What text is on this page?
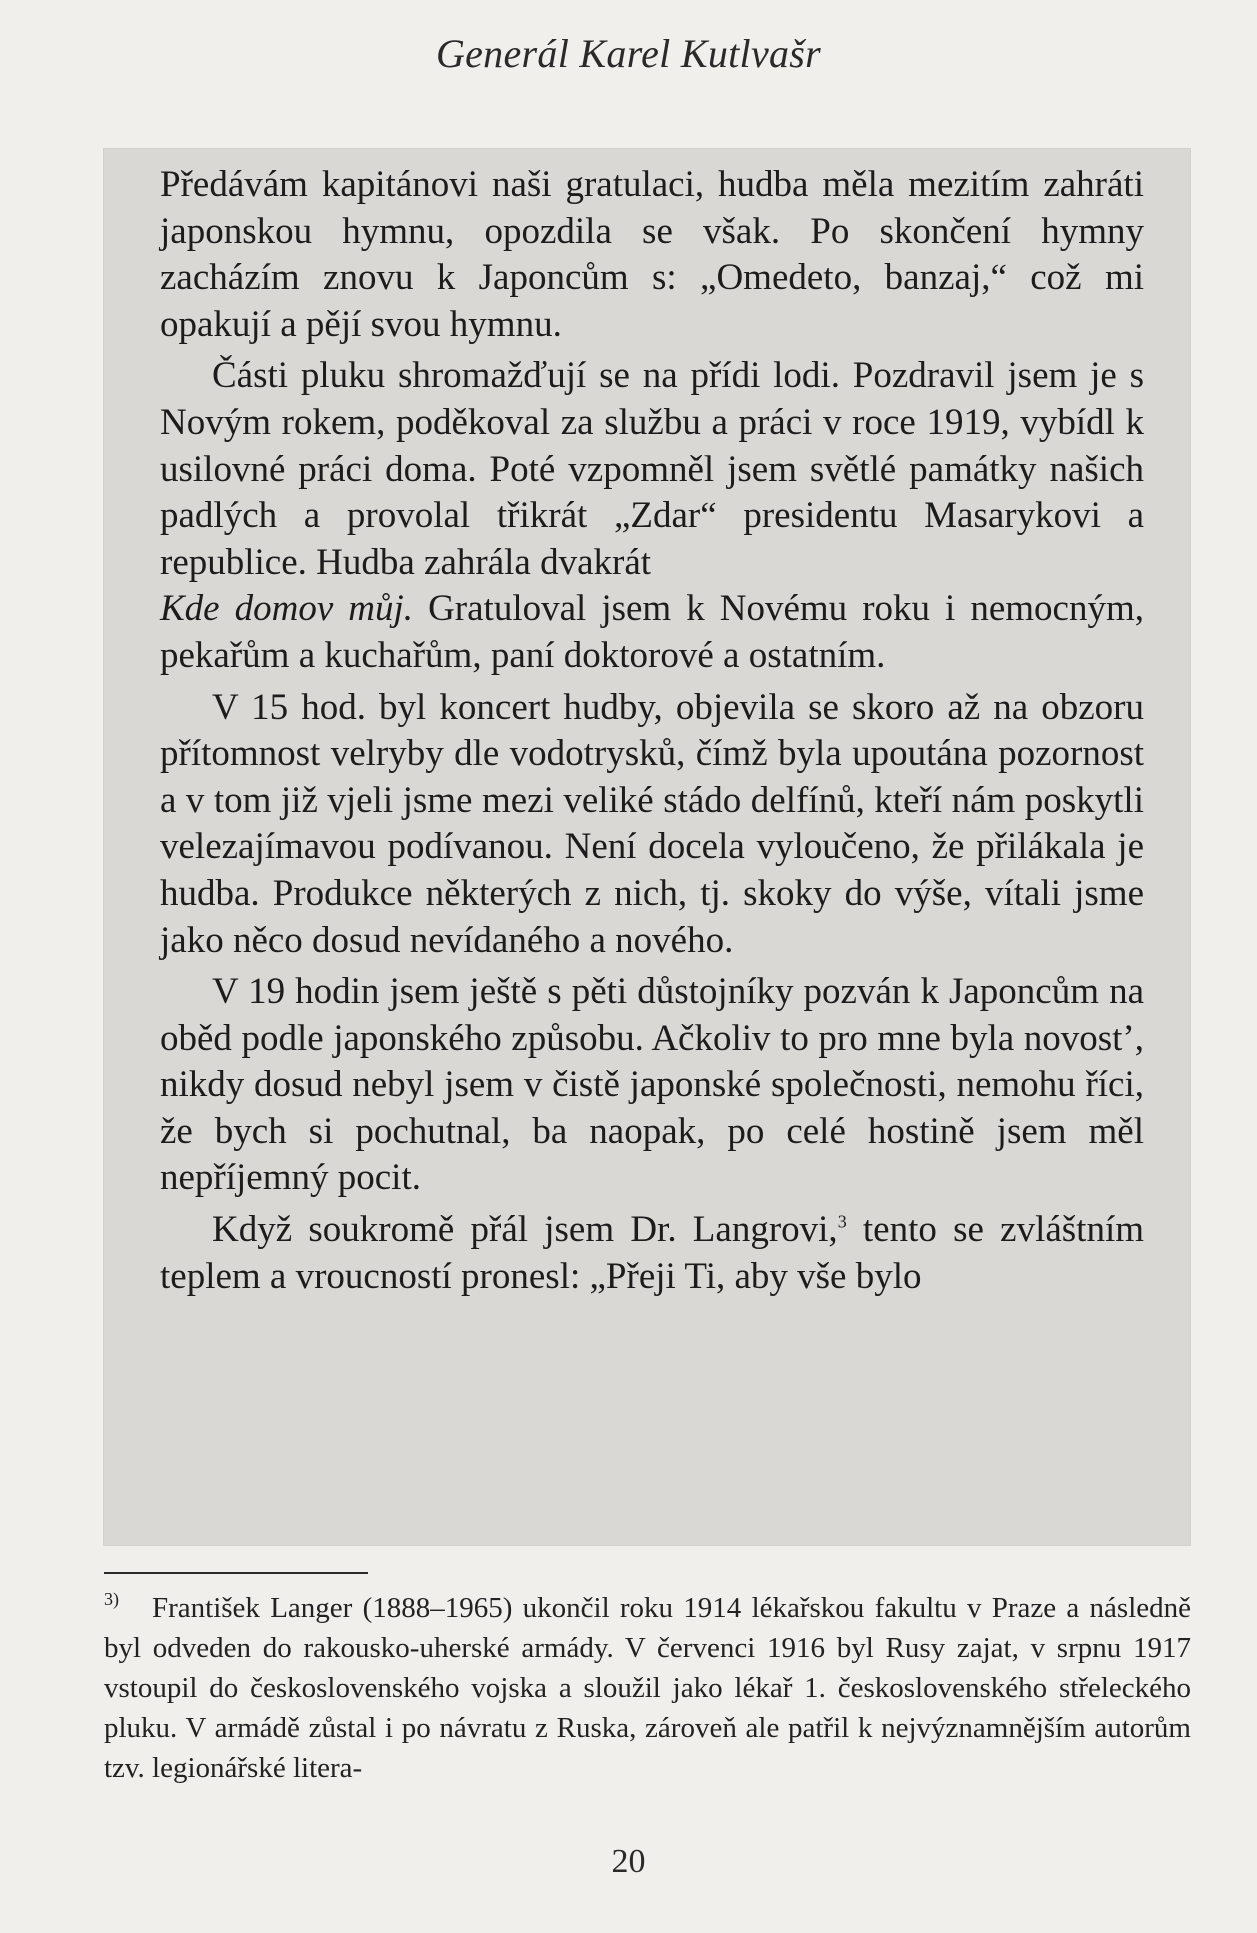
Generál Karel Kutlvašr

Předávám kapitánovi naši gratulaci, hudba měla mezitím zahráti japonskou hymnu, opozdila se však. Po skončení hymny zacházím znovu k Japoncům s: „Omedeto, banzaj,“ což mi opakují a pějí svou hymnu.

Části pluku shromažďují se na přídi lodi. Pozdravil jsem je s Novým rokem, poděkoval za službu a práci v roce 1919, vybídl k usilovné práci doma. Poté vzpomněl jsem světlé památky našich padlých a provolal třikrát „Zdar“ presidentu Masarykovi a republice. Hudba zahrála dvakrát

Kde domov můj. Gratuloval jsem k Novému roku i nemocným, pekařům a kuchařům, paní doktorové a ostatním.

V 15 hod. byl koncert hudby, objevila se skoro až na obzoru přítomnost velryby dle vodotrysků, čímž byla upoutána pozornost a v tom již vjeli jsme mezi veliké stádo delfínů, kteří nám poskytli velezajímavou podívanou. Není docela vyloučeno, že přilákala je hudba. Produkce některých z nich, tj. skoky do výše, vítali jsme jako něco dosud nevídaného a nového.

V 19 hodin jsem ještě s pěti důstojníky pozván k Japoncům na oběd podle japonského způsobu. Ačkoliv to pro mne byla novost’, nikdy dosud nebyl jsem v čistě japonské společnosti, nemohu říci, že bych si pochutnal, ba naopak, po celé hostině jsem měl nepříjemný pocit.

Když soukromě přál jsem Dr. Langrovi,$^3$ tento se zvláštním teplem a vroucností pronesl: „Přeji Ti, aby vše bylo

3) František Langer (1888–1965) ukončil roku 1914 lékařskou fakultu v Praze a následně byl odveden do rakousko-uherské armády. V červenci 1916 byl Rusy zajat, v srpnu 1917 vstoupil do československého vojska a sloužil jako lékař 1. československého střeleckého pluku. V armádě zůstal i po návratu z Ruska, zároveň ale patřil k nejvýznamnějším autorům tzv. legionářské litera-
20
